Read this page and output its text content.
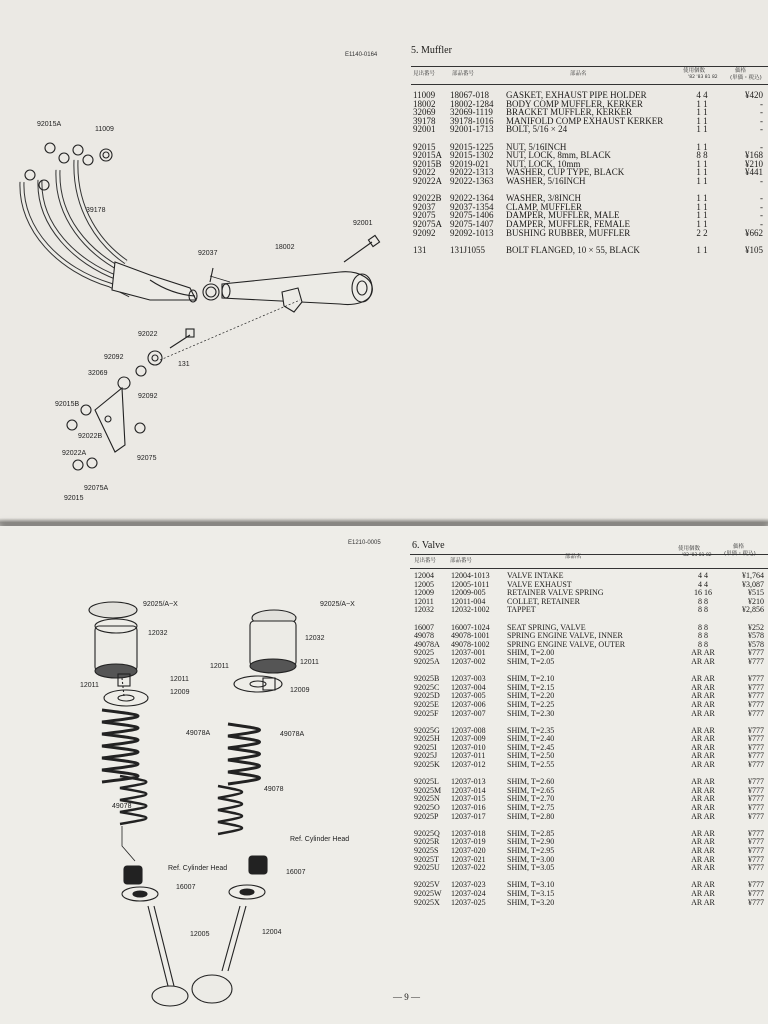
E1140-0164
92015A
11009
39178
92001
92037
18002
92022
92092
131
32069
92092
92015B
92022B
92022A
92075
92075A
92015
5. Muffler
見出番号	部品番号	部品名	使用個数
'82 '83 81 82
価格
(単価・税込)
11009	18067-018	GASKET, EXHAUST PIPE HOLDER	4 4	¥420
18002	18002-1284	BODY COMP MUFFLER, KERKER	1 1	-
32069	32069-1119	BRACKET MUFFLER, KERKER	1 1	-
39178	39178-1016	MANIFOLD COMP EXHAUST KERKER	1 1	-
92001	92001-1713	BOLT, 5/16 × 24	1 1	-
92015	92015-1225	NUT, 5/16INCH	1 1	-
92015A 92015-1302	NUT, LOCK, 8mm, BLACK	8 8	¥168
92015B 92019-021	NUT, LOCK, 10mm	1 1	¥210
92022	92022-1313	WASHER, CUP TYPE, BLACK	1 1	¥441
92022A 92022-1363	WASHER, 5/16INCH	1 1	-
92022B 92022-1364	WASHER, 3/8INCH	1 1	-
92037	92037-1354	CLAMP, MUFFLER	1 1	-
92075	92075-1406	DAMPER, MUFFLER, MALE	1 1	-
92075A 92075-1407	DAMPER, MUFFLER, FEMALE	1 1	-
92092	92092-1013	BUSHING RUBBER, MUFFLER	2 2	¥662
131	131J1055	BOLT FLANGED, 10 × 55, BLACK	1 1	¥105
E1210-0005
92025/A~X
12032
12011
12011
12009
49078A
49078
Ref. Cylinder Head
16007
12005
92025/A~X
12032
12011
12011
12009
49078A
49078
Ref. Cylinder Head
16007
12004
6. Valve
見出番号	部品番号
部品名
使用個数
'82 '83 81 82
価格
(単価・税込)
12004	12004-1013	VALVE INTAKE	4 4	¥1,764
12005	12005-1011	VALVE EXHAUST	4 4	¥3,087
12009	12009-005	RETAINER VALVE SPRING	16 16	¥515
12011	12011-004	COLLET, RETAINER	8 8	¥210
12032	12032-1002	TAPPET	8 8	¥2,856
16007	16007-1024	SEAT SPRING, VALVE	8 8	¥252
49078	49078-1001	SPRING ENGINE VALVE, INNER	8 8	¥578
49078A	49078-1002	SPRING ENGINE VALVE, OUTER	8 8	¥578
92025	12037-001	SHIM, T=2.00	AR AR	¥777
92025A	12037-002	SHIM, T=2.05	AR AR	¥777
92025B	12037-003	SHIM, T=2.10	AR AR	¥777
92025C	12037-004	SHIM, T=2.15	AR AR	¥777
92025D	12037-005	SHIM, T=2.20	AR AR	¥777
92025E	12037-006	SHIM, T=2.25	AR AR	¥777
92025F	12037-007	SHIM, T=2.30	AR AR	¥777
92025G	12037-008	SHIM, T=2.35	AR AR	¥777
92025H	12037-009	SHIM, T=2.40	AR AR	¥777
92025I	12037-010	SHIM, T=2.45	AR AR	¥777
92025J	12037-011	SHIM, T=2.50	AR AR	¥777
92025K	12037-012	SHIM, T=2.55	AR AR	¥777
92025L	12037-013	SHIM, T=2.60	AR AR	¥777
92025M	12037-014	SHIM, T=2.65	AR AR	¥777
92025N	12037-015	SHIM, T=2.70	AR AR	¥777
92025O	12037-016	SHIM, T=2.75	AR AR	¥777
92025P	12037-017	SHIM, T=2.80	AR AR	¥777
92025Q	12037-018	SHIM, T=2.85	AR AR	¥777
92025R	12037-019	SHIM, T=2.90	AR AR	¥777
92025S	12037-020	SHIM, T=2.95	AR AR	¥777
92025T	12037-021	SHIM, T=3.00	AR AR	¥777
92025U	12037-022	SHIM, T=3.05	AR AR	¥777
92025V	12037-023	SHIM, T=3.10	AR AR	¥777
92025W	12037-024	SHIM, T=3.15	AR AR	¥777
92025X	12037-025	SHIM, T=3.20	AR AR	¥777
— 9 —
